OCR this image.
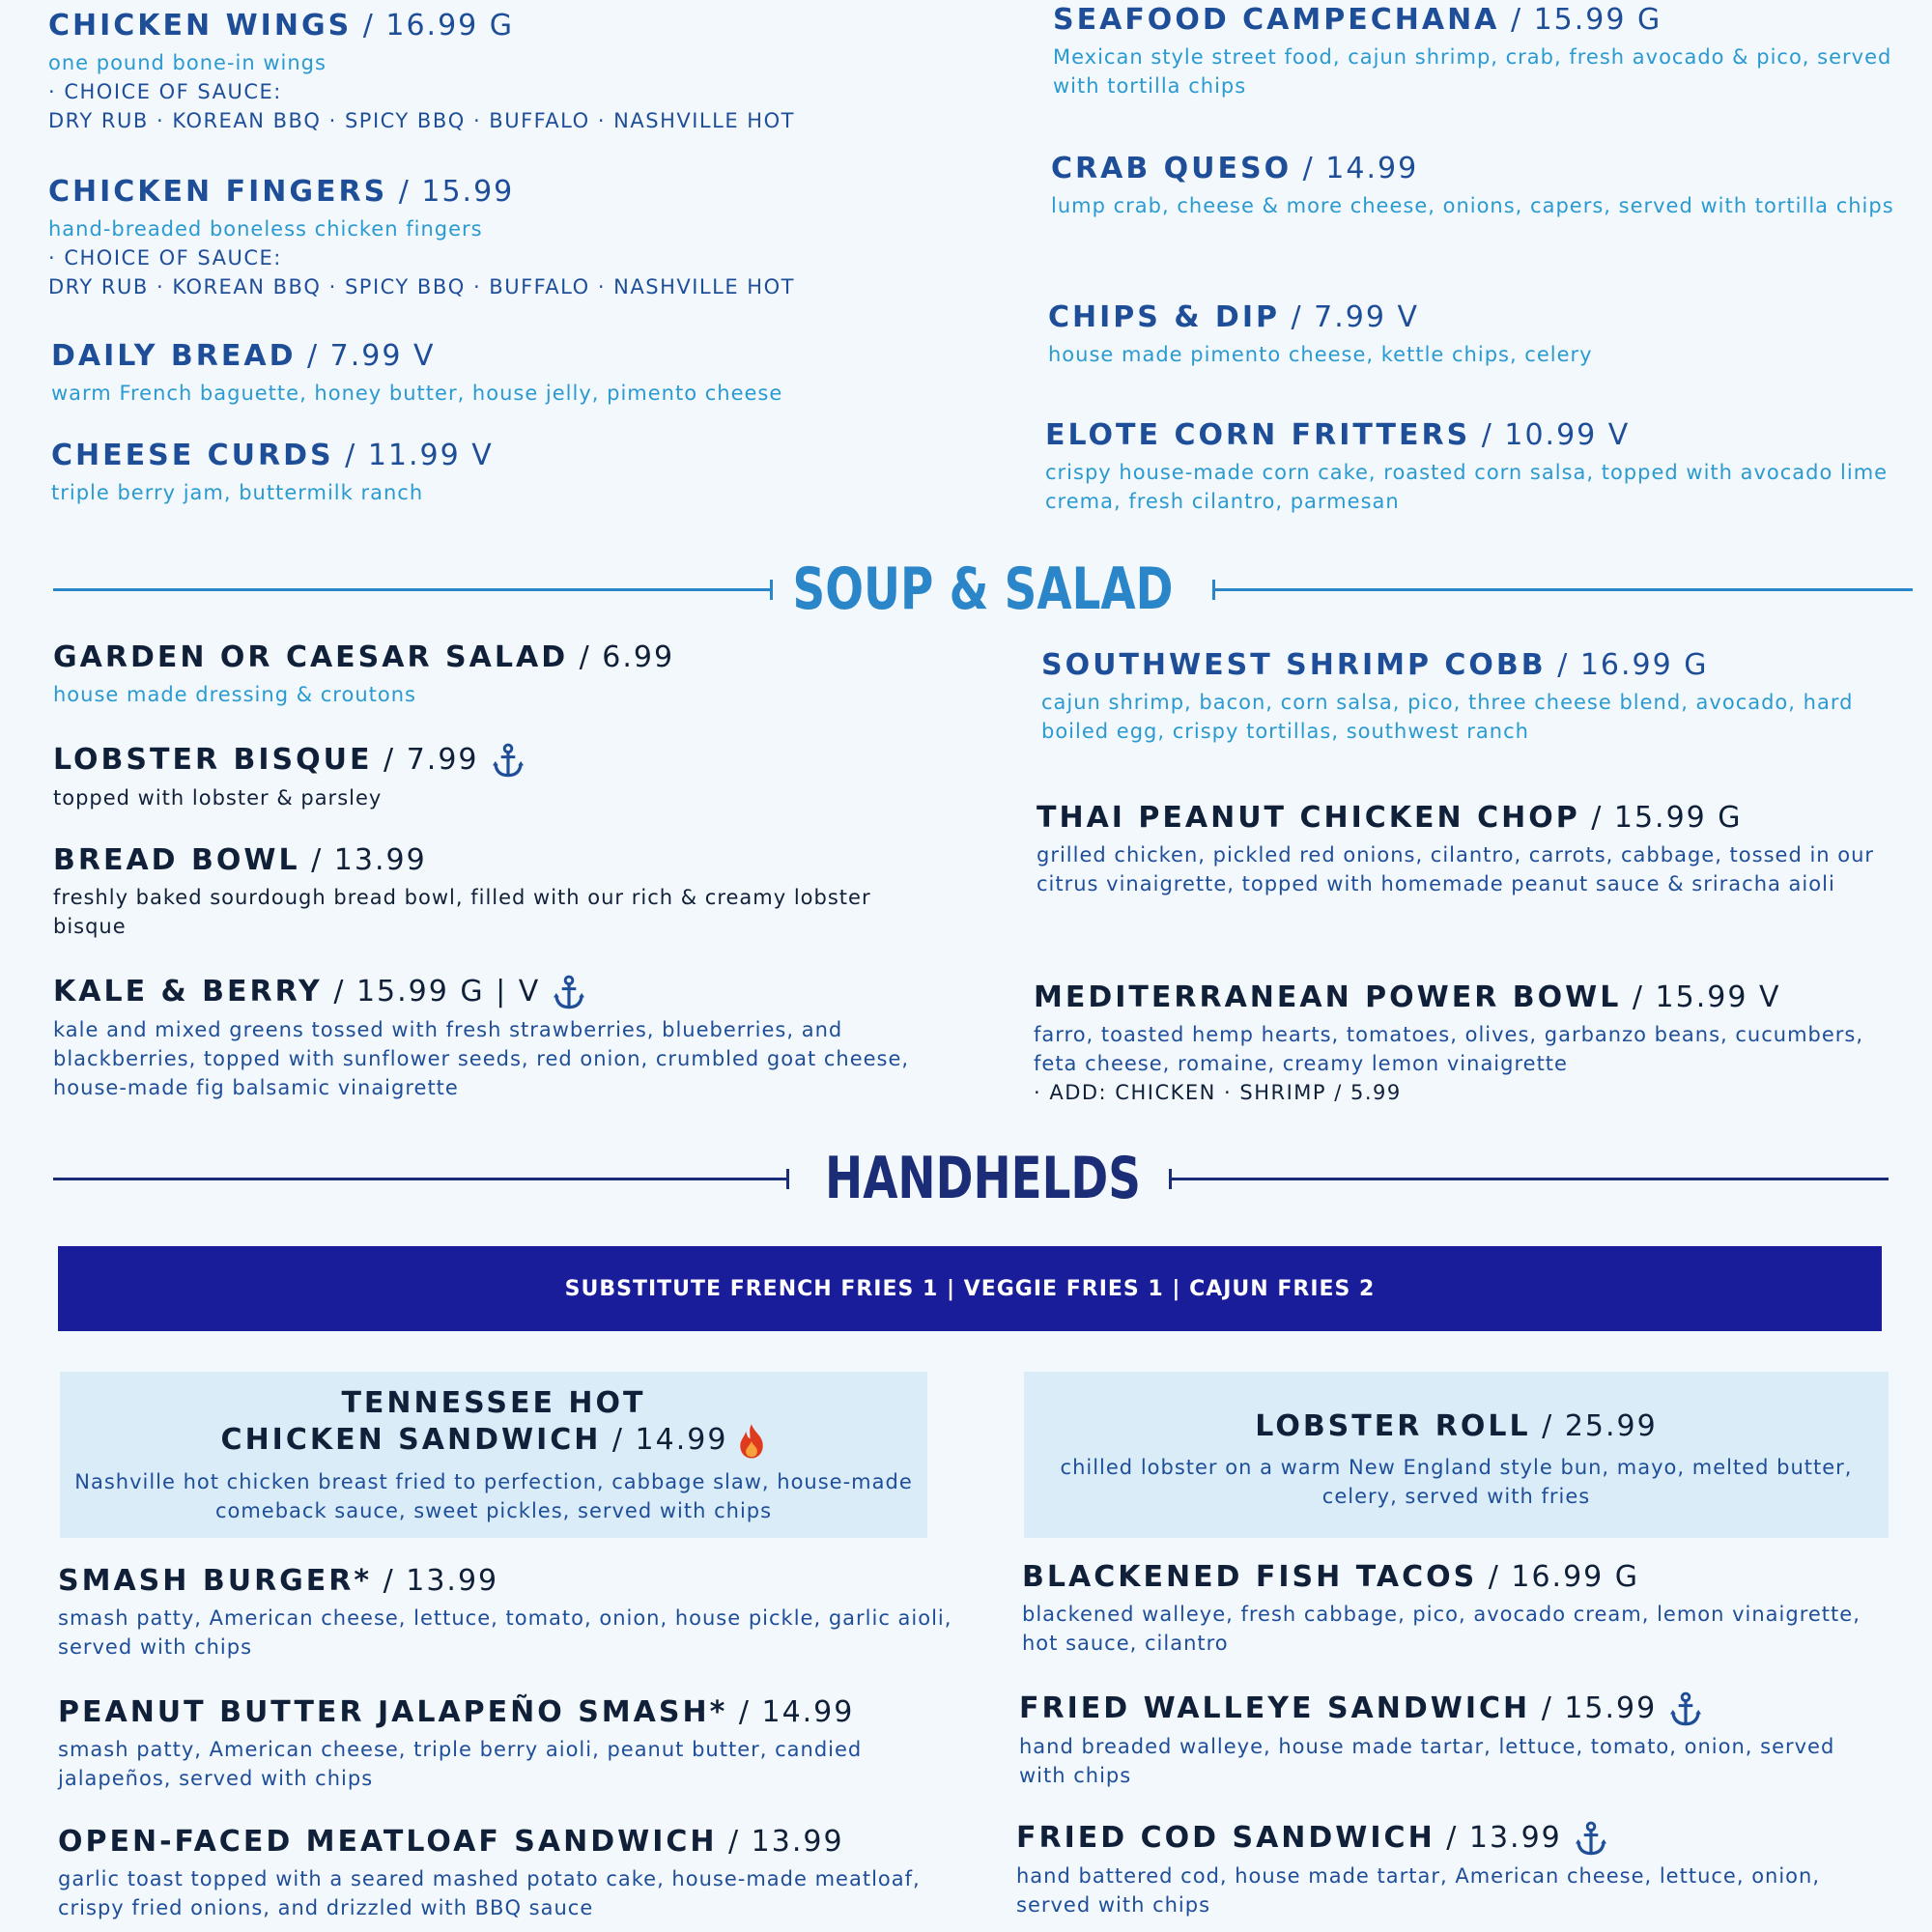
CHICKEN WINGS / 16.99 G
one pound bone-in wings
· CHOICE OF SAUCE:
DRY RUB · KOREAN BBQ · SPICY BBQ · BUFFALO · NASHVILLE HOT
CHICKEN FINGERS / 15.99
hand-breaded boneless chicken fingers
· CHOICE OF SAUCE:
DRY RUB · KOREAN BBQ · SPICY BBQ · BUFFALO · NASHVILLE HOT
DAILY BREAD / 7.99 V
warm French baguette, honey butter, house jelly, pimento cheese
CHEESE CURDS / 11.99 V
triple berry jam, buttermilk ranch
SEAFOOD CAMPECHANA / 15.99 G
Mexican style street food, cajun shrimp, crab, fresh avocado & pico, served with tortilla chips
CRAB QUESO / 14.99
lump crab, cheese & more cheese, onions, capers, served with tortilla chips
CHIPS & DIP / 7.99 V
house made pimento cheese, kettle chips, celery
ELOTE CORN FRITTERS / 10.99 V
crispy house-made corn cake, roasted corn salsa, topped with avocado lime crema, fresh cilantro, parmesan
SOUP & SALAD
GARDEN OR CAESAR SALAD / 6.99
house made dressing & croutons
LOBSTER BISQUE / 7.99
topped with lobster & parsley
BREAD BOWL / 13.99
freshly baked sourdough bread bowl, filled with our rich & creamy lobster bisque
KALE & BERRY / 15.99 G | V
kale and mixed greens tossed with fresh strawberries, blueberries, and blackberries, topped with sunflower seeds, red onion, crumbled goat cheese, house-made fig balsamic vinaigrette
SOUTHWEST SHRIMP COBB / 16.99 G
cajun shrimp, bacon, corn salsa, pico, three cheese blend, avocado, hard boiled egg, crispy tortillas, southwest ranch
THAI PEANUT CHICKEN CHOP / 15.99 G
grilled chicken, pickled red onions, cilantro, carrots, cabbage, tossed in our citrus vinaigrette, topped with homemade peanut sauce & sriracha aioli
MEDITERRANEAN POWER BOWL / 15.99 V
farro, toasted hemp hearts, tomatoes, olives, garbanzo beans, cucumbers, feta cheese, romaine, creamy lemon vinaigrette
· ADD: CHICKEN · SHRIMP / 5.99
HANDHELDS
SUBSTITUTE FRENCH FRIES 1 | VEGGIE FRIES 1 | CAJUN FRIES 2
TENNESSEE HOT
CHICKEN SANDWICH / 14.99
Nashville hot chicken breast fried to perfection, cabbage slaw, house-made comeback sauce, sweet pickles, served with chips
LOBSTER ROLL / 25.99
chilled lobster on a warm New England style bun, mayo, melted butter, celery, served with fries
SMASH BURGER* / 13.99
smash patty, American cheese, lettuce, tomato, onion, house pickle, garlic aioli, served with chips
PEANUT BUTTER JALAPEÑO SMASH* / 14.99
smash patty, American cheese, triple berry aioli, peanut butter, candied jalapeños, served with chips
OPEN-FACED MEATLOAF SANDWICH / 13.99
garlic toast topped with a seared mashed potato cake, house-made meatloaf, crispy fried onions, and drizzled with BBQ sauce
BLACKENED FISH TACOS / 16.99 G
blackened walleye, fresh cabbage, pico, avocado cream, lemon vinaigrette, hot sauce, cilantro
FRIED WALLEYE SANDWICH / 15.99
hand breaded walleye, house made tartar, lettuce, tomato, onion, served with chips
FRIED COD SANDWICH / 13.99
hand battered cod, house made tartar, American cheese, lettuce, onion, served with chips
